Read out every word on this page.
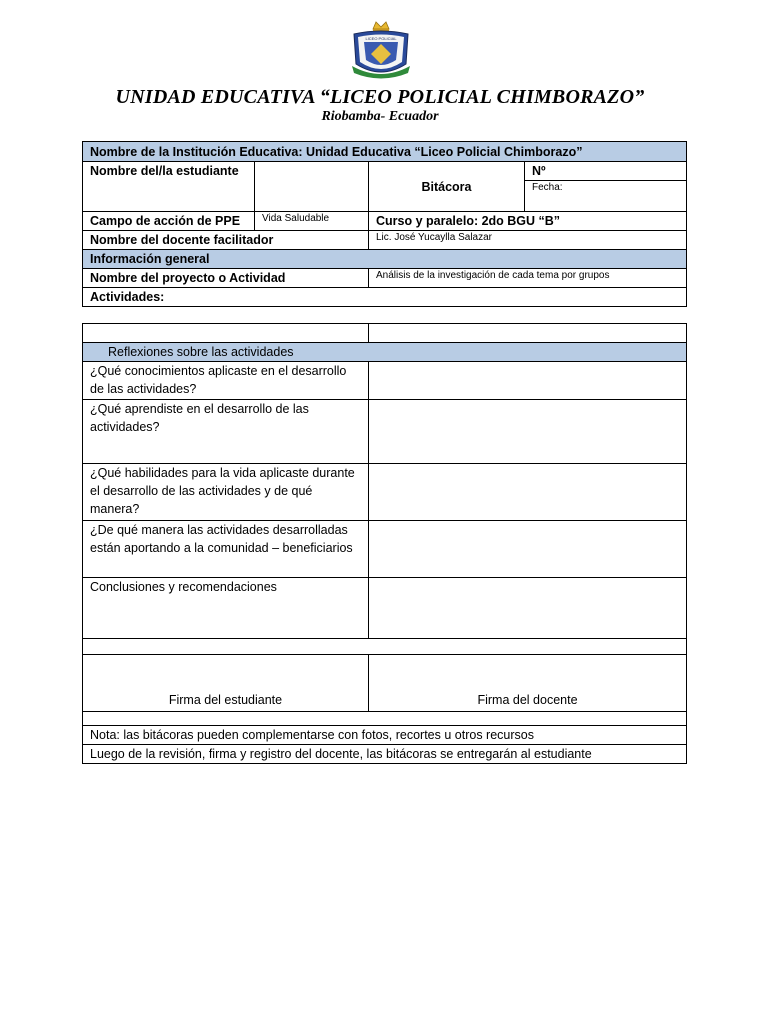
LICEO POLICIAL
UNIDAD EDUCATIVA “LICEO POLICIAL CHIMBORAZO”
Riobamba- Ecuador
Nombre de la Institución Educativa: Unidad Educativa “Liceo Policial Chimborazo”			
Nombre del/la estudiante		Bitácora	Nº
			Fecha:
Campo de acción de PPE	Vida Saludable	Curso y paralelo: 2do BGU “B”	
Nombre del docente facilitador		Lic. José Yucaylla Salazar	
Información general			
Nombre del proyecto o Actividad		Análisis de la investigación de cada tema por grupos	
Actividades:			

Reflexiones sobre las actividades	
¿Qué conocimientos aplicaste en el desarrollo de las actividades?	
¿Qué aprendiste en el desarrollo de las actividades?	
¿Qué habilidades para la vida aplicaste durante el desarrollo de las actividades y de qué manera?	
¿De qué manera las actividades desarrolladas están aportando a la comunidad – beneficiarios	
Conclusiones y recomendaciones	

Firma del estudiante	Firma del docente

Nota: las bitácoras pueden complementarse con fotos, recortes u otros recursos	
Luego de la revisión, firma y registro del docente, las bitácoras se entregarán al estudiante	
